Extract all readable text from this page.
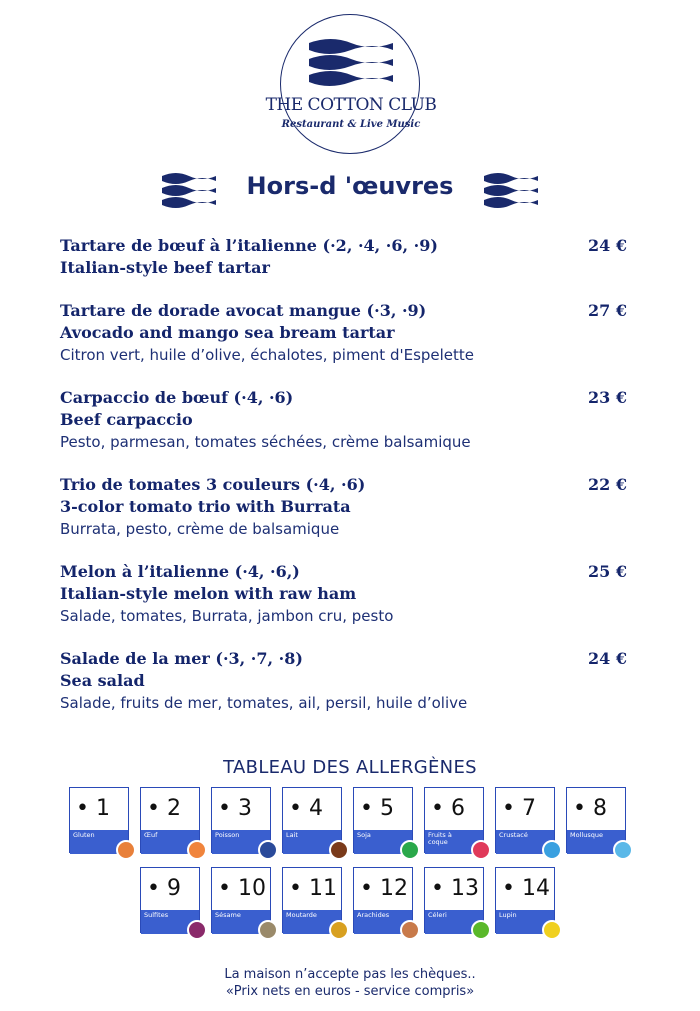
THE COTTON CLUB
Restaurant & Live Music
Hors-d 'œuvres
Tartare de bœuf à l’italienne (·2, ·4, ·6, ·9)
Italian-style beef tartar
24 €
Tartare de dorade avocat mangue (·3, ·9)
Avocado and mango sea bream tartar
Citron vert, huile d’olive, échalotes, piment d'Espelette
27 €
Carpaccio de bœuf (·4, ·6)
Beef carpaccio
Pesto, parmesan, tomates séchées, crème balsamique
23 €
Trio de tomates 3 couleurs (·4, ·6)
3-color tomato trio with Burrata
Burrata, pesto, crème de balsamique
22 €
Melon à l’italienne (·4, ·6,)
Italian-style melon with raw ham
Salade, tomates, Burrata, jambon cru, pesto
25 €
Salade de la mer (·3, ·7, ·8)
Sea salad
Salade, fruits de mer, tomates, ail, persil, huile d’olive
24 €
TABLEAU DES ALLERGÈNES
• 1
Gluten
• 2
Œuf
• 3
Poisson
• 4
Lait
• 5
Soja
• 6
Fruits à coque
• 7
Crustacé
• 8
Mollusque
• 9
Sulfites
• 10
Sésame
• 11
Moutarde
• 12
Arachides
• 13
Céleri
• 14
Lupin
La maison n’accepte pas les chèques..
«Prix nets en euros - service compris»
